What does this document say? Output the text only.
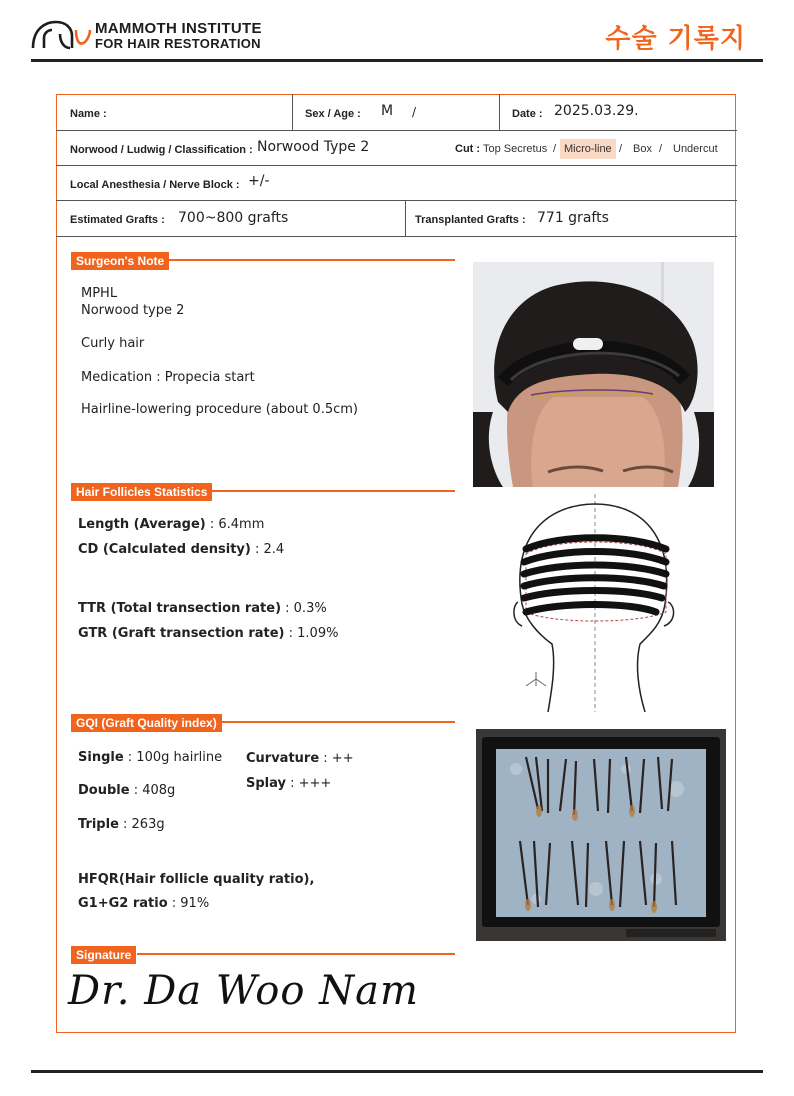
MAMMOTH INSTITUTE
FOR HAIR RESTORATION	수술 기록지
Name :	Sex / Age : M /	Date : 2025.03.29.
Norwood / Ludwig / Classification : Norwood Type 2	Cut : Top Secretus / Micro-line / Box / Undercut
Local Anesthesia / Nerve Block : +/-
Estimated Grafts : 700~800 grafts	Transplanted Grafts : 771 grafts
Surgeon's Note
MPHL
Norwood type 2
Curly hair
Medication : Propecia start
Hairline-lowering procedure (about 0.5cm)
Hair Follicles Statistics
Length (Average) : 6.4mm
CD (Calculated density) : 2.4
TTR (Total transection rate) : 0.3%
GTR (Graft transection rate) : 1.09%
GQI (Graft Quality index)
Single : 100g hairline
Double : 408g
Triple : 263g
Curvature : ++
Splay : +++
HFQR(Hair follicle quality ratio),
G1+G2 ratio : 91%
Signature
Dr. Da Woo Nam
